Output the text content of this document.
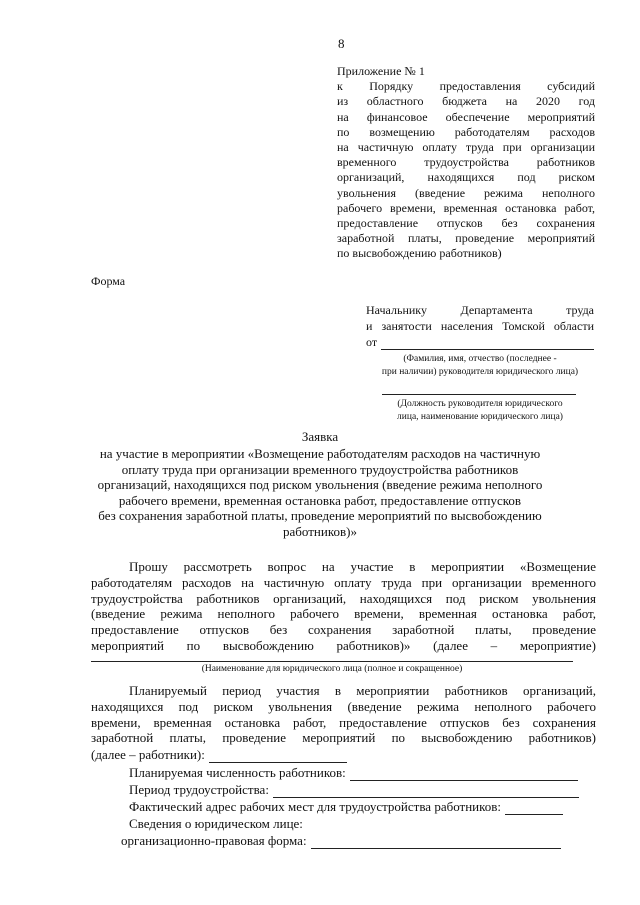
8
Приложение № 1
к Порядку предоставления субсидий
из областного бюджета на 2020 год
на финансовое обеспечение мероприятий
по возмещению работодателям расходов
на частичную оплату труда при организации
временного трудоустройства работников
организаций, находящихся под риском
увольнения (введение режима неполного
рабочего времени, временная остановка работ,
предоставление отпусков без сохранения
заработной платы, проведение мероприятий
по высвобождению работников)
Форма
Начальнику Департамента труда
и занятости населения Томской области
от
(Фамилия, имя, отчество (последнее -
при наличии) руководителя юридического лица)
(Должность руководителя юридического
лица, наименование юридического лица)
Заявка
на участие в мероприятии «Возмещение работодателям расходов на частичную
оплату труда при организации временного трудоустройства работников
организаций, находящихся под риском увольнения (введение режима неполного
рабочего времени, временная остановка работ, предоставление отпусков
без сохранения заработной платы, проведение мероприятий по высвобождению
работников)»
Прошу рассмотреть вопрос на участие в мероприятии «Возмещение
работодателям расходов на частичную оплату труда при организации временного
трудоустройства работников организаций, находящихся под риском увольнения
(введение режима неполного рабочего времени, временная остановка работ,
предоставление отпусков без сохранения заработной платы, проведение
мероприятий по высвобождению работников)» (далее – мероприятие)
(Наименование для юридического лица (полное и сокращенное)
Планируемый период участия в мероприятии работников организаций,
находящихся под риском увольнения (введение режима неполного рабочего
времени, временная остановка работ, предоставление отпусков без сохранения
заработной платы, проведение мероприятий по высвобождению работников)
(далее – работники):
Планируемая численность работников:
Период трудоустройства:
Фактический адрес рабочих мест для трудоустройства работников:
Сведения о юридическом лице:
организационно-правовая форма:
